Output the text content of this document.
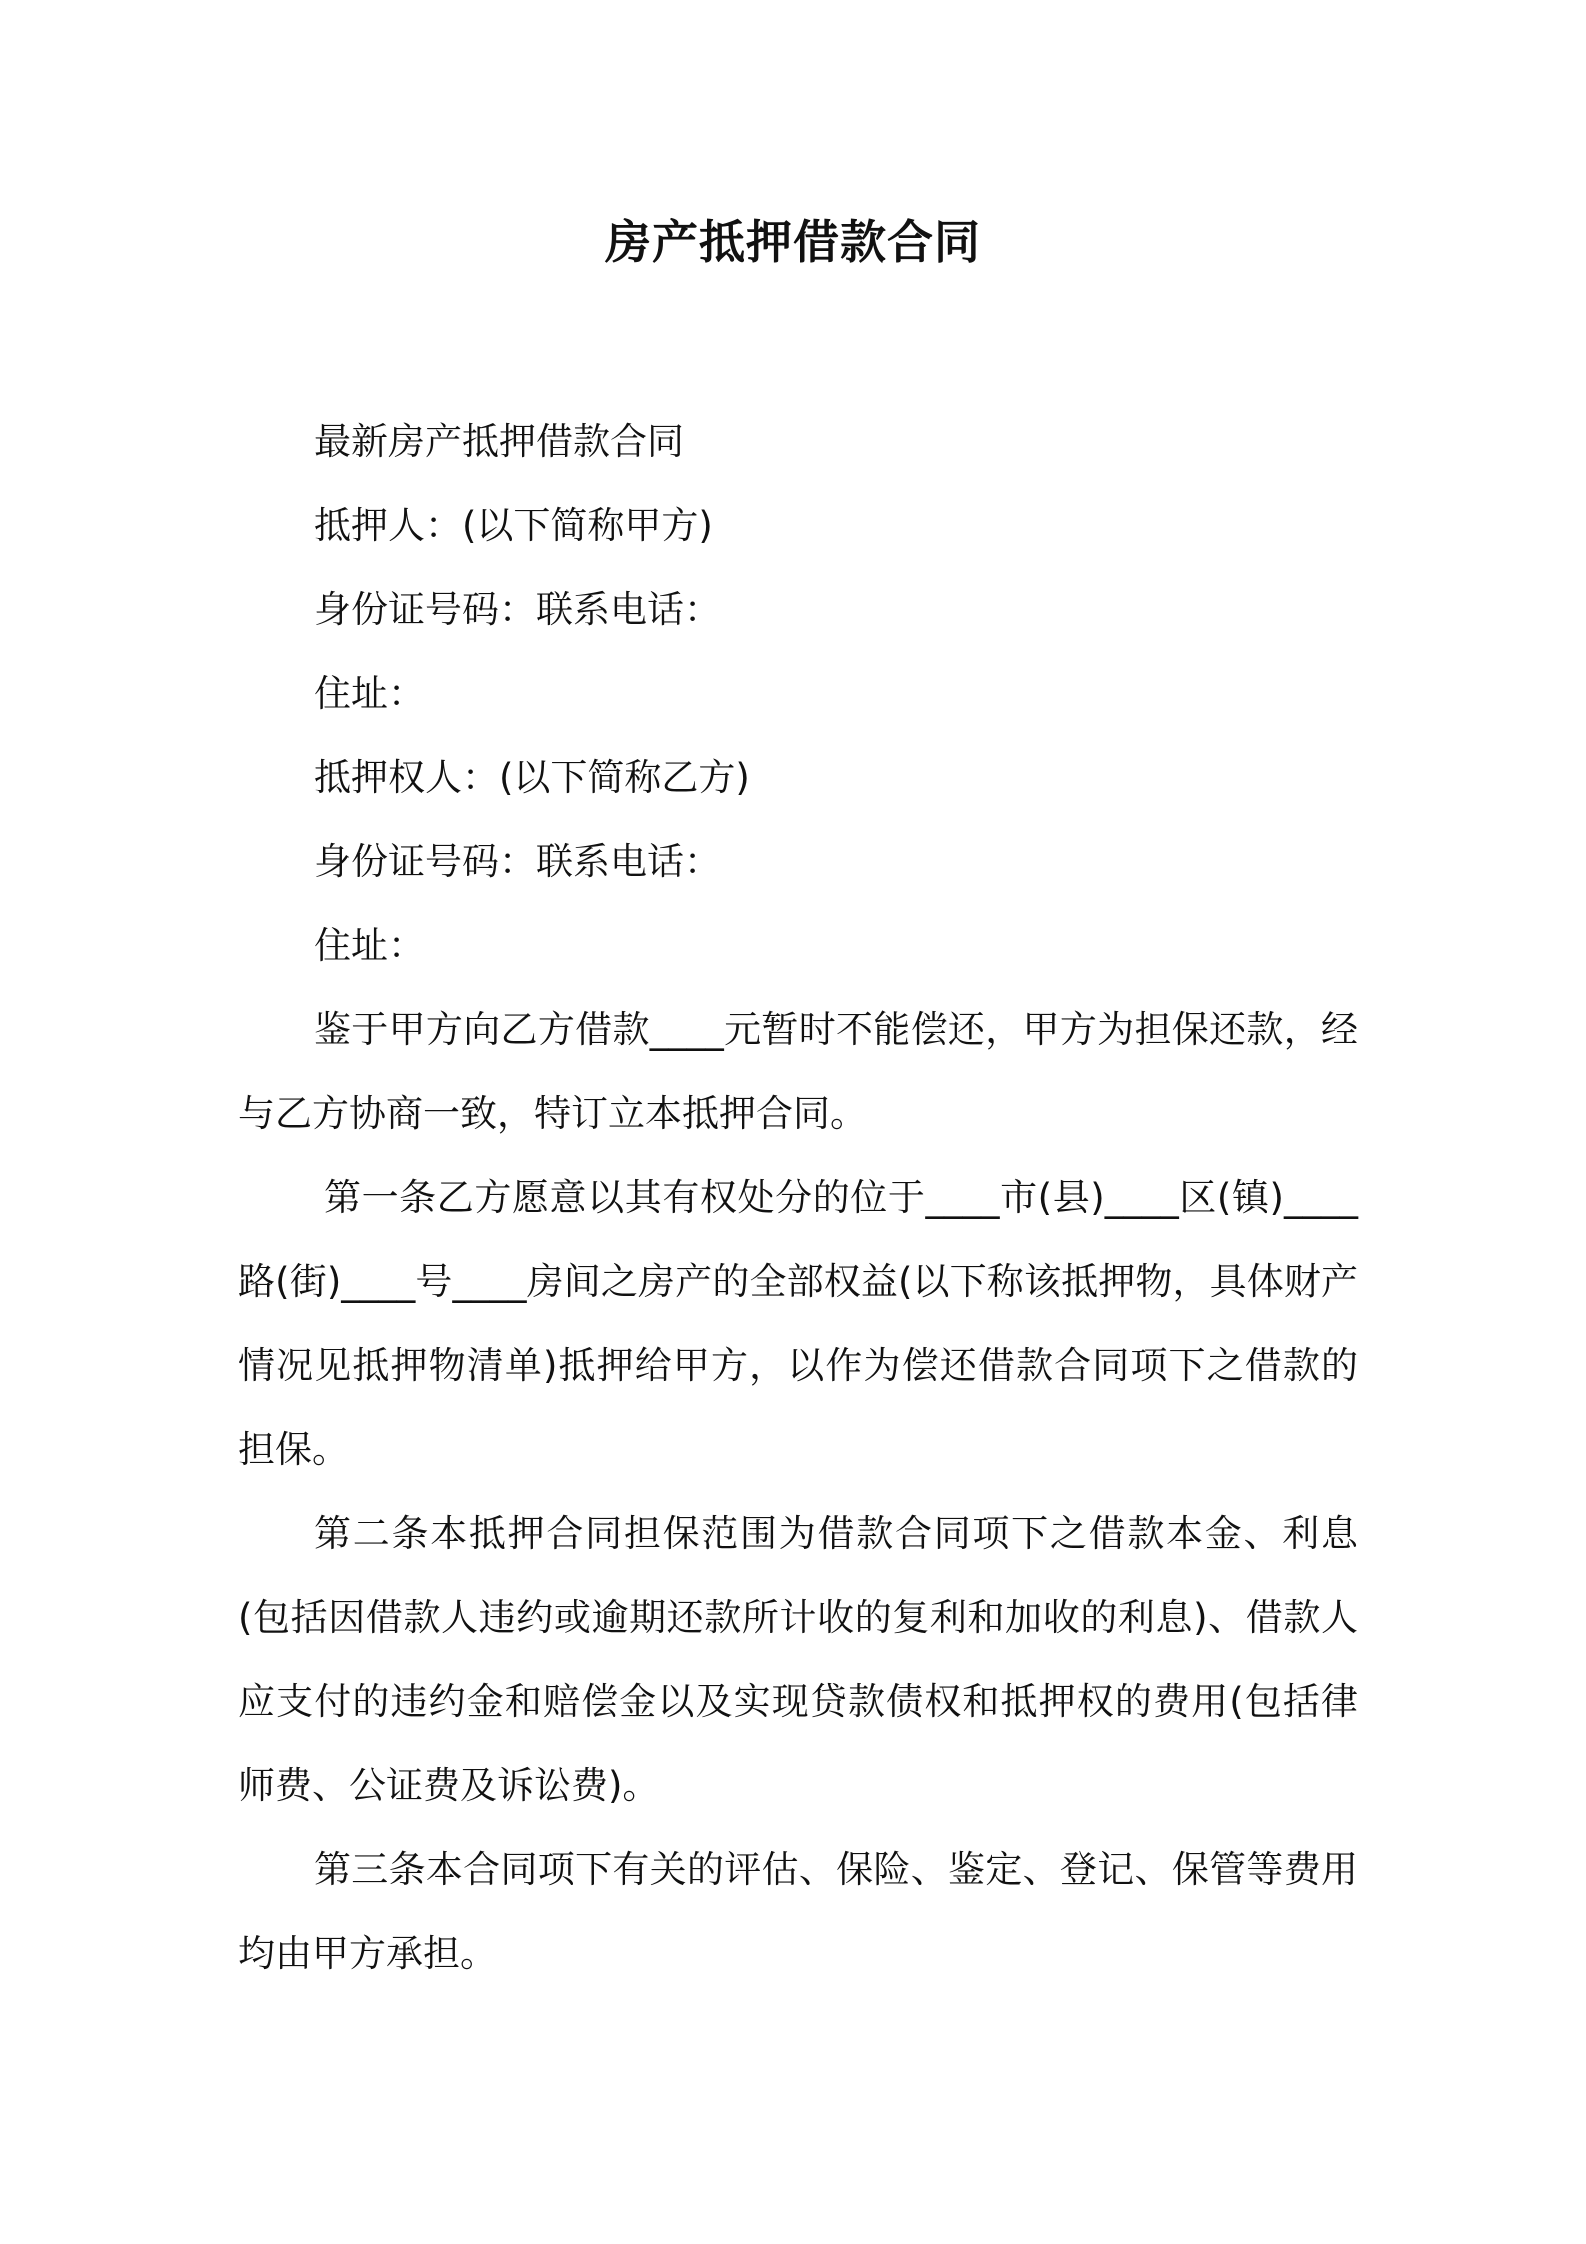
房产抵押借款合同

最新房产抵押借款合同

抵押人：(以下简称甲方)

身份证号码：联系电话：

住址：

抵押权人：(以下简称乙方)

身份证号码：联系电话：

住址：

鉴于甲方向乙方借款____元暂时不能偿还，甲方为担保还款，经与乙方协商一致，特订立本抵押合同。

第一条乙方愿意以其有权处分的位于____市(县)____区(镇)____路(街)____号____房间之房产的全部权益(以下称该抵押物，具体财产情况见抵押物清单)抵押给甲方，以作为偿还借款合同项下之借款的担保。

第二条本抵押合同担保范围为借款合同项下之借款本金、利息(包括因借款人违约或逾期还款所计收的复利和加收的利息)、借款人应支付的违约金和赔偿金以及实现贷款债权和抵押权的费用(包括律师费、公证费及诉讼费)。

第三条本合同项下有关的评估、保险、鉴定、登记、保管等费用均由甲方承担。
